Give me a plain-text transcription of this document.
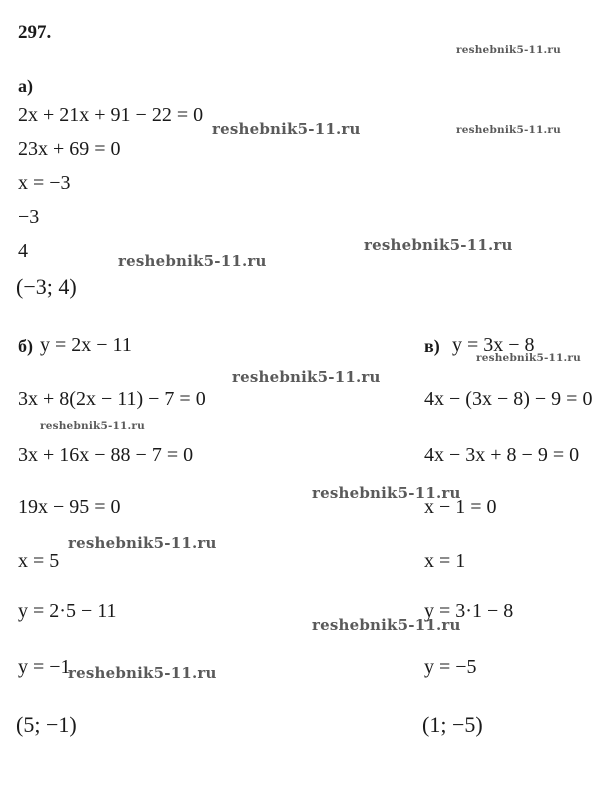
297.
а)
2x + 21x + 91 − 22 = 0
23x + 69 = 0
x = −3
−3
4
(−3; 4)
б) y = 2x − 11
3x + 8(2x − 11) − 7 = 0
3x + 16x − 88 − 7 = 0
19x − 95 = 0
x = 5
y = 2·5 − 11
y = −1
(5; −1)
в) y = 3x − 8
4x − (3x − 8) − 9 = 0
4x − 3x + 8 − 9 = 0
x − 1 = 0
x = 1
y = 3·1 − 8
y = −5
(1; −5)
reshebnik5-11.ru
reshebnik5-11.ru	reshebnik5-11.ru
reshebnik5-11.ru
reshebnik5-11.ru
reshebnik5-11.ru
reshebnik5-11.ru
reshebnik5-11.ru
reshebnik5-11.ru
reshebnik5-11.ru
reshebnik5-11.ru
reshebnik5-11.ru
